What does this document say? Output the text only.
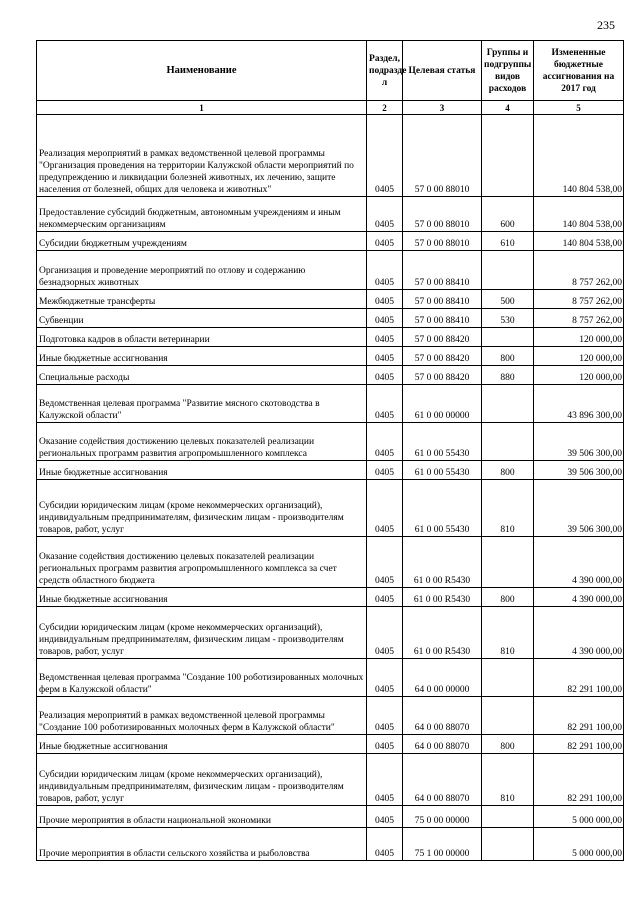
235
Наименование	Раздел, подразде л	Целевая статья	Группы и подгруппы видов расходов	Измененные бюджетные ассигнования на 2017 год
1	2	3	4	5
Реализация мероприятий в рамках ведомственной целевой программы "Организация проведения на территории Калужской области мероприятий по предупреждению и ликвидации болезней животных, их лечению, защите населения от болезней, общих для человека и животных"	0405	57 0 00 88010		140 804 538,00
Предоставление субсидий бюджетным, автономным учреждениям и иным некоммерческим организациям	0405	57 0 00 88010	600	140 804 538,00
Субсидии бюджетным учреждениям	0405	57 0 00 88010	610	140 804 538,00
Организация и проведение мероприятий по отлову и содержанию безнадзорных животных	0405	57 0 00 88410		8 757 262,00
Межбюджетные трансферты	0405	57 0 00 88410	500	8 757 262,00
Субвенции	0405	57 0 00 88410	530	8 757 262,00
Подготовка кадров в области ветеринарии	0405	57 0 00 88420		120 000,00
Иные бюджетные ассигнования	0405	57 0 00 88420	800	120 000,00
Специальные расходы	0405	57 0 00 88420	880	120 000,00
Ведомственная целевая программа "Развитие мясного скотоводства в Калужской области"	0405	61 0 00 00000		43 896 300,00
Оказание содействия достижению целевых показателей реализации региональных программ развития агропромышленного комплекса	0405	61 0 00 55430		39 506 300,00
Иные бюджетные ассигнования	0405	61 0 00 55430	800	39 506 300,00
Субсидии юридическим лицам (кроме некоммерческих организаций), индивидуальным предпринимателям, физическим лицам - производителям товаров, работ, услуг	0405	61 0 00 55430	810	39 506 300,00
Оказание содействия достижению целевых показателей реализации региональных программ развития агропромышленного комплекса за счет средств областного бюджета	0405	61 0 00 R5430		4 390 000,00
Иные бюджетные ассигнования	0405	61 0 00 R5430	800	4 390 000,00
Субсидии юридическим лицам (кроме некоммерческих организаций), индивидуальным предпринимателям, физическим лицам - производителям товаров, работ, услуг	0405	61 0 00 R5430	810	4 390 000,00
Ведомственная целевая программа "Создание 100 роботизированных молочных ферм в Калужской области"	0405	64 0 00 00000		82 291 100,00
Реализация мероприятий в рамках ведомственной целевой программы "Создание 100 роботизированных молочных ферм в Калужской области"	0405	64 0 00 88070		82 291 100,00
Иные бюджетные ассигнования	0405	64 0 00 88070	800	82 291 100,00
Субсидии юридическим лицам (кроме некоммерческих организаций), индивидуальным предпринимателям, физическим лицам - производителям товаров, работ, услуг	0405	64 0 00 88070	810	82 291 100,00
Прочие мероприятия в области национальной экономики	0405	75 0 00 00000		5 000 000,00
Прочие мероприятия в области сельского хозяйства и рыболовства	0405	75 1 00 00000		5 000 000,00
